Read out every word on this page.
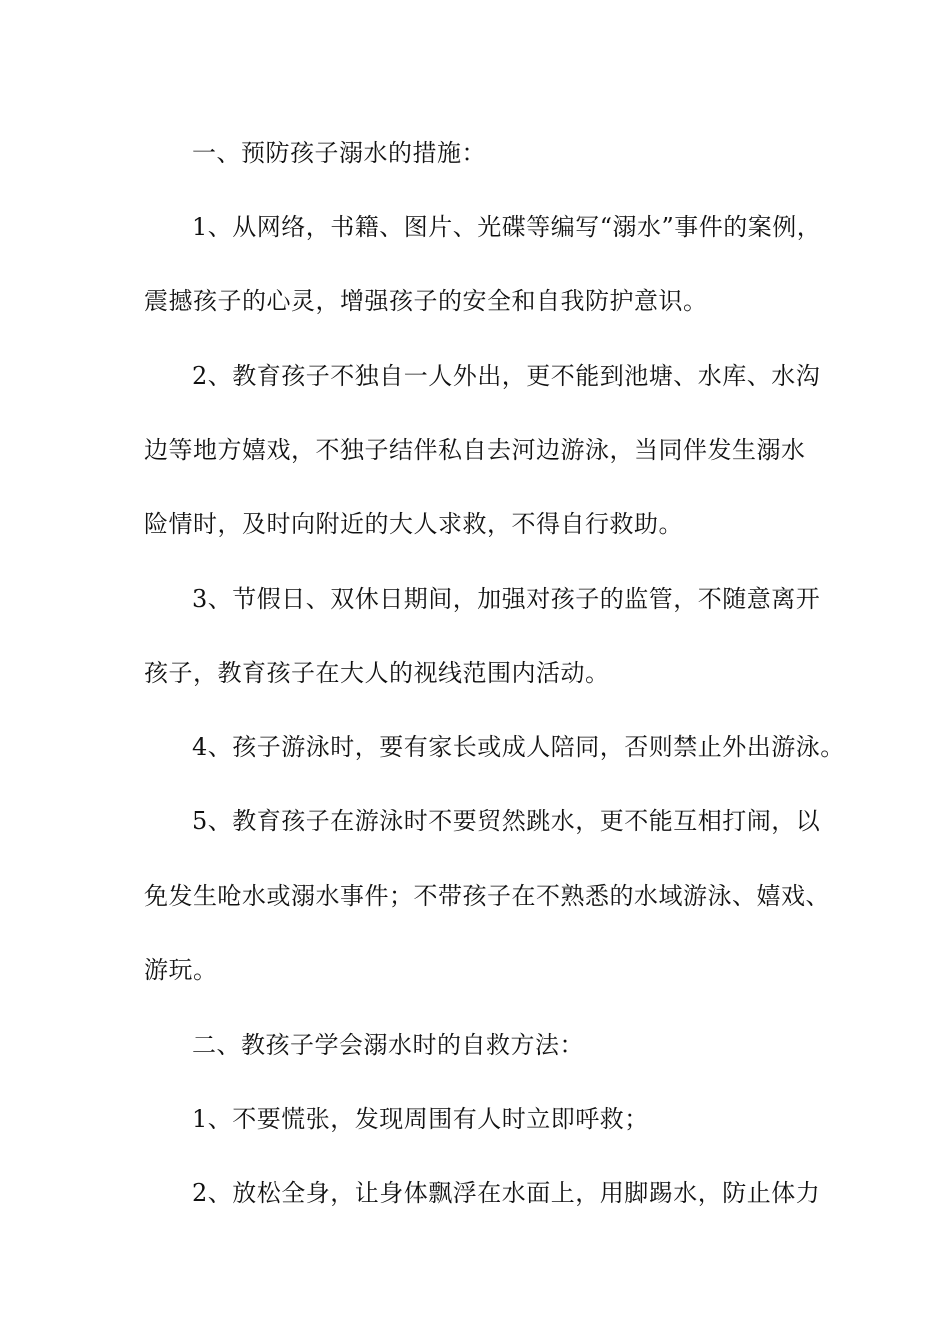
一、预防孩子溺水的措施：
1、从网络，书籍、图片、光碟等编写“溺水”事件的案例，
震撼孩子的心灵，增强孩子的安全和自我防护意识。
2、教育孩子不独自一人外出，更不能到池塘、水库、水沟
边等地方嬉戏，不独子结伴私自去河边游泳，当同伴发生溺水
险情时，及时向附近的大人求救，不得自行救助。
3、节假日、双休日期间，加强对孩子的监管，不随意离开
孩子，教育孩子在大人的视线范围内活动。
4、孩子游泳时，要有家长或成人陪同，否则禁止外出游泳。
5、教育孩子在游泳时不要贸然跳水，更不能互相打闹，以
免发生呛水或溺水事件；不带孩子在不熟悉的水域游泳、嬉戏、
游玩。
二、教孩子学会溺水时的自救方法：
1、不要慌张，发现周围有人时立即呼救；
2、放松全身，让身体飘浮在水面上，用脚踢水，防止体力
